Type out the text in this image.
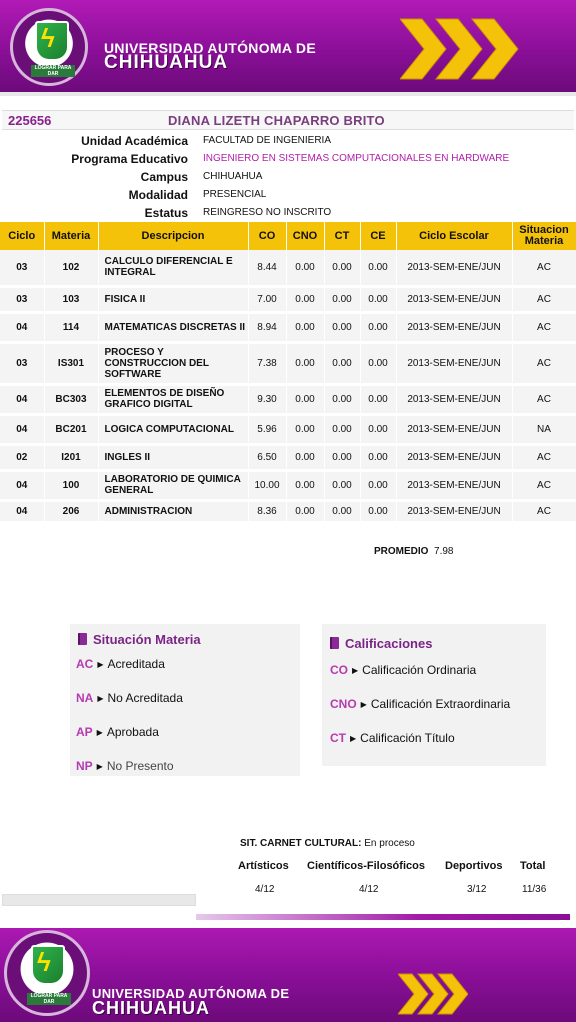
ϟ
LOGRAR PARA DAR
UNIVERSIDAD AUTÓNOMA DE
CHIHUAHUA
225656	DIANA LIZETH CHAPARRO BRITO
Unidad Académica FACULTAD DE INGENIERIA
Programa Educativo INGENIERO EN SISTEMAS COMPUTACIONALES EN HARDWARE
Campus CHIHUAHUA
Modalidad PRESENCIAL
Estatus REINGRESO NO INSCRITO
Ciclo	Materia	Descripcion	CO	CNO	CT	CE	Ciclo Escolar	Situacion Materia
03	102	CALCULO DIFERENCIAL E INTEGRAL	8.44	0.00	0.00	0.00	2013-SEM-ENE/JUN	AC
03	103	FISICA II	7.00	0.00	0.00	0.00	2013-SEM-ENE/JUN	AC
04	114	MATEMATICAS DISCRETAS II	8.94	0.00	0.00	0.00	2013-SEM-ENE/JUN	AC
03	IS301	PROCESO Y CONSTRUCCION DEL SOFTWARE	7.38	0.00	0.00	0.00	2013-SEM-ENE/JUN	AC
04	BC303	ELEMENTOS DE DISEÑO GRAFICO DIGITAL	9.30	0.00	0.00	0.00	2013-SEM-ENE/JUN	AC
04	BC201	LOGICA COMPUTACIONAL	5.96	0.00	0.00	0.00	2013-SEM-ENE/JUN	NA
02	I201	INGLES II	6.50	0.00	0.00	0.00	2013-SEM-ENE/JUN	AC
04	100	LABORATORIO DE QUIMICA GENERAL	10.00	0.00	0.00	0.00	2013-SEM-ENE/JUN	AC
04	206	ADMINISTRACION	8.36	0.00	0.00	0.00	2013-SEM-ENE/JUN	AC
PROMEDIO 7.98
Situación Materia
AC ▶ Acreditada
NA ▶ No Acreditada
AP ▶ Aprobada
NP ▶ No Presento
Calificaciones
CO ▶ Calificación Ordinaria
CNO ▶ Calificación Extraordinaria
CT ▶ Calificación Título
SIT. CARNET CULTURAL: En proceso
Artísticos Científicos-Filosóficos Deportivos Total
4/12	4/12	3/12	11/36
ϟ
LOGRAR PARA DAR
UNIVERSIDAD AUTÓNOMA DE
CHIHUAHUA
